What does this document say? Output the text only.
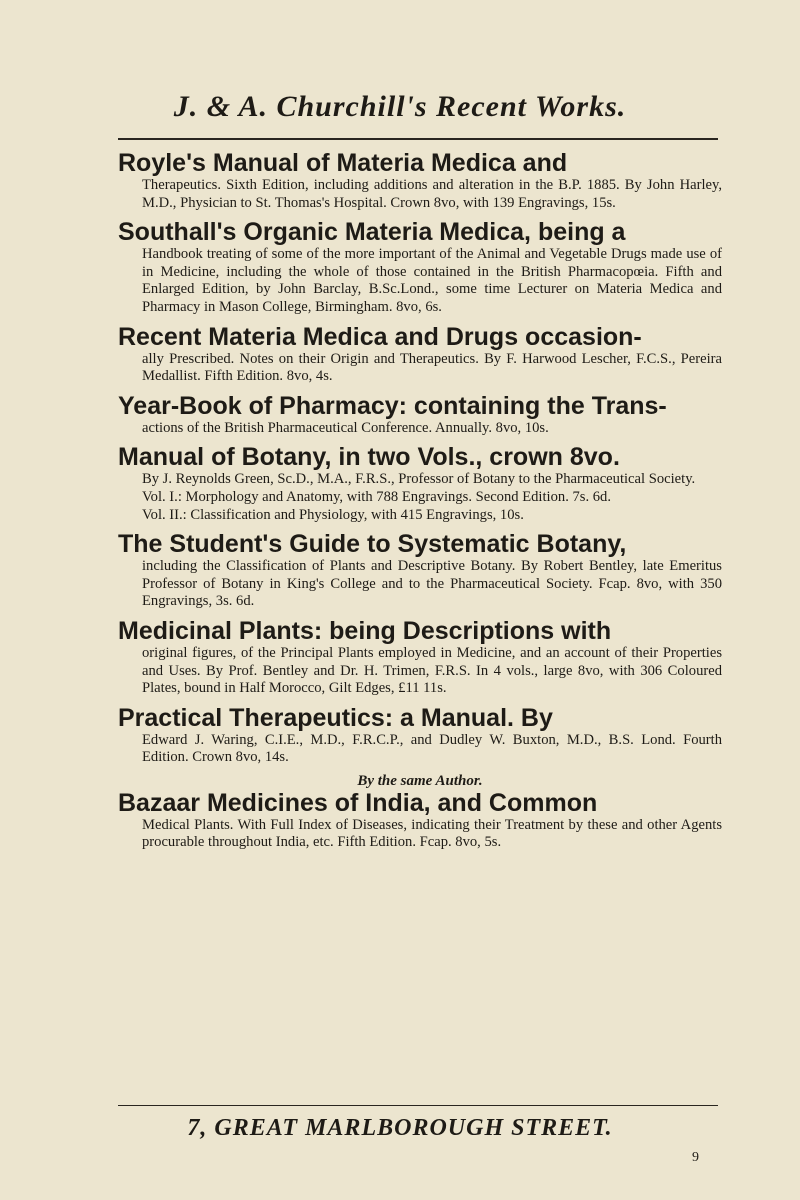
J. & A. Churchill's Recent Works.
Royle's Manual of Materia Medica and
Therapeutics. Sixth Edition, including additions and alteration in the B.P. 1885. By John Harley, M.D., Physician to St. Thomas's Hospital. Crown 8vo, with 139 Engravings, 15s.
Southall's Organic Materia Medica, being a
Handbook treating of some of the more important of the Animal and Vegetable Drugs made use of in Medicine, including the whole of those contained in the British Pharmacopœia. Fifth and Enlarged Edition, by John Barclay, B.Sc.Lond., some time Lecturer on Materia Medica and Pharmacy in Mason College, Birmingham. 8vo, 6s.
Recent Materia Medica and Drugs occasion-
ally Prescribed. Notes on their Origin and Therapeutics. By F. Harwood Lescher, F.C.S., Pereira Medallist. Fifth Edition. 8vo, 4s.
Year-Book of Pharmacy: containing the Trans-
actions of the British Pharmaceutical Conference. Annually. 8vo, 10s.
Manual of Botany, in two Vols., crown 8vo.
By J. Reynolds Green, Sc.D., M.A., F.R.S., Professor of Botany to the Pharmaceutical Society.
Vol. I.: Morphology and Anatomy, with 788 Engravings. Second Edition. 7s. 6d.
Vol. II.: Classification and Physiology, with 415 Engravings, 10s.
The Student's Guide to Systematic Botany,
including the Classification of Plants and Descriptive Botany. By Robert Bentley, late Emeritus Professor of Botany in King's College and to the Pharmaceutical Society. Fcap. 8vo, with 350 Engravings, 3s. 6d.
Medicinal Plants: being Descriptions with
original figures, of the Principal Plants employed in Medicine, and an account of their Properties and Uses. By Prof. Bentley and Dr. H. Trimen, F.R.S. In 4 vols., large 8vo, with 306 Coloured Plates, bound in Half Morocco, Gilt Edges, £11 11s.
Practical Therapeutics: a Manual. By
Edward J. Waring, C.I.E., M.D., F.R.C.P., and Dudley W. Buxton, M.D., B.S. Lond. Fourth Edition. Crown 8vo, 14s.
By the same Author.
Bazaar Medicines of India, and Common
Medical Plants. With Full Index of Diseases, indicating their Treatment by these and other Agents procurable throughout India, etc. Fifth Edition. Fcap. 8vo, 5s.
7, GREAT MARLBOROUGH STREET.
9
